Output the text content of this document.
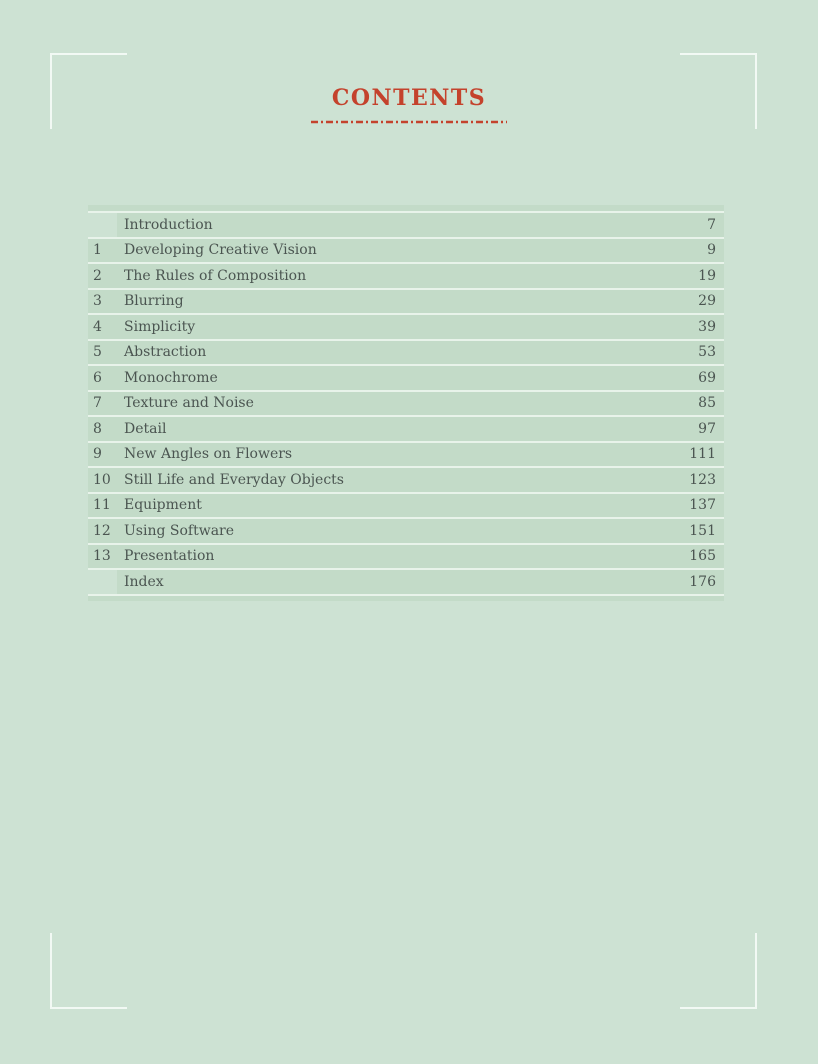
CONTENTS
Introduction	7
1	Developing Creative Vision	9
2	The Rules of Composition	19
3	Blurring	29
4	Simplicity	39
5	Abstraction	53
6	Monochrome	69
7	Texture and Noise	85
8	Detail	97
9	New Angles on Flowers	111
10 Still Life and Everyday Objects	123
11 Equipment	137
12 Using Software	151
13 Presentation	165
Index	176
